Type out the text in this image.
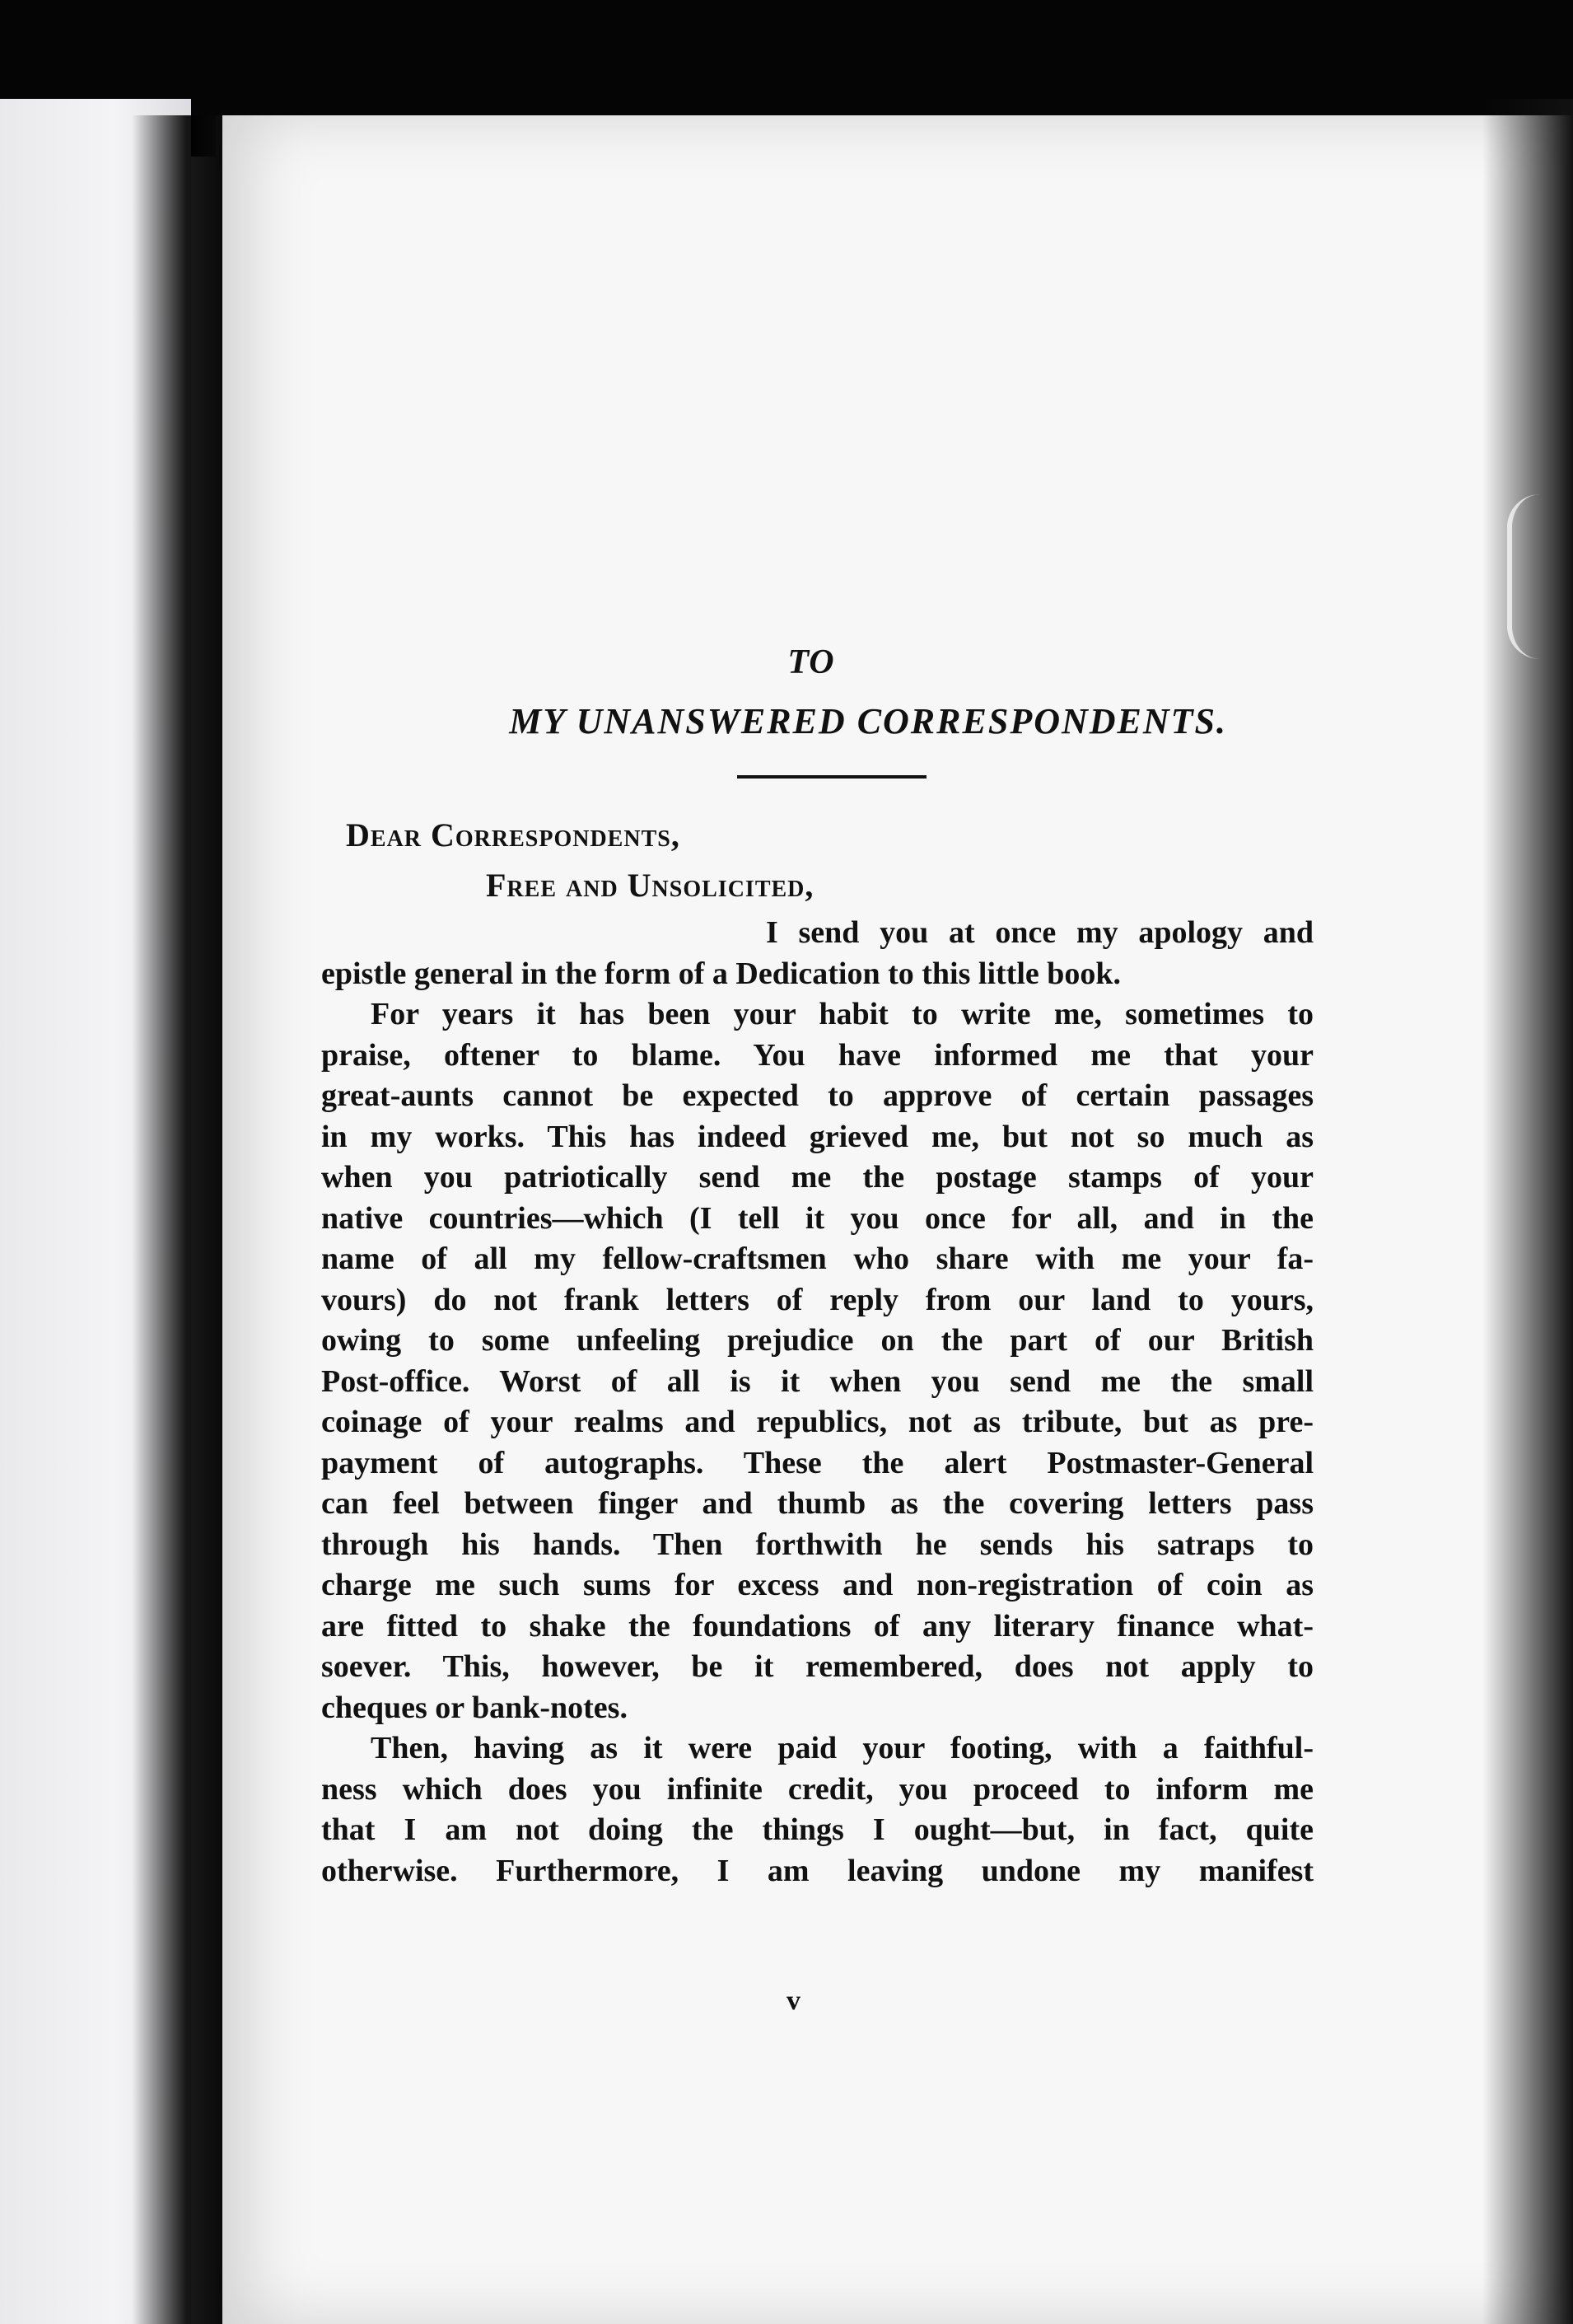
TO
MY UNANSWERED CORRESPONDENTS.
Dear Correspondents,
Free and Unsolicited,

I send you at once my apology and

epistle general in the form of a Dedication to this little book.

For years it has been your habit to write me, sometimes to

praise, oftener to blame. You have informed me that your

great-aunts cannot be expected to approve of certain passages

in my works. This has indeed grieved me, but not so much as

when you patriotically send me the postage stamps of your

native countries—which (I tell it you once for all, and in the

name of all my fellow-craftsmen who share with me your fa-

vours) do not frank letters of reply from our land to yours,

owing to some unfeeling prejudice on the part of our British

Post-office. Worst of all is it when you send me the small

coinage of your realms and republics, not as tribute, but as pre-

payment of autographs. These the alert Postmaster-General

can feel between finger and thumb as the covering letters pass

through his hands. Then forthwith he sends his satraps to

charge me such sums for excess and non-registration of coin as

are fitted to shake the foundations of any literary finance what-

soever. This, however, be it remembered, does not apply to

cheques or bank-notes.

Then, having as it were paid your footing, with a faithful-

ness which does you infinite credit, you proceed to inform me

that I am not doing the things I ought—but, in fact, quite

otherwise. Furthermore, I am leaving undone my manifest

v
